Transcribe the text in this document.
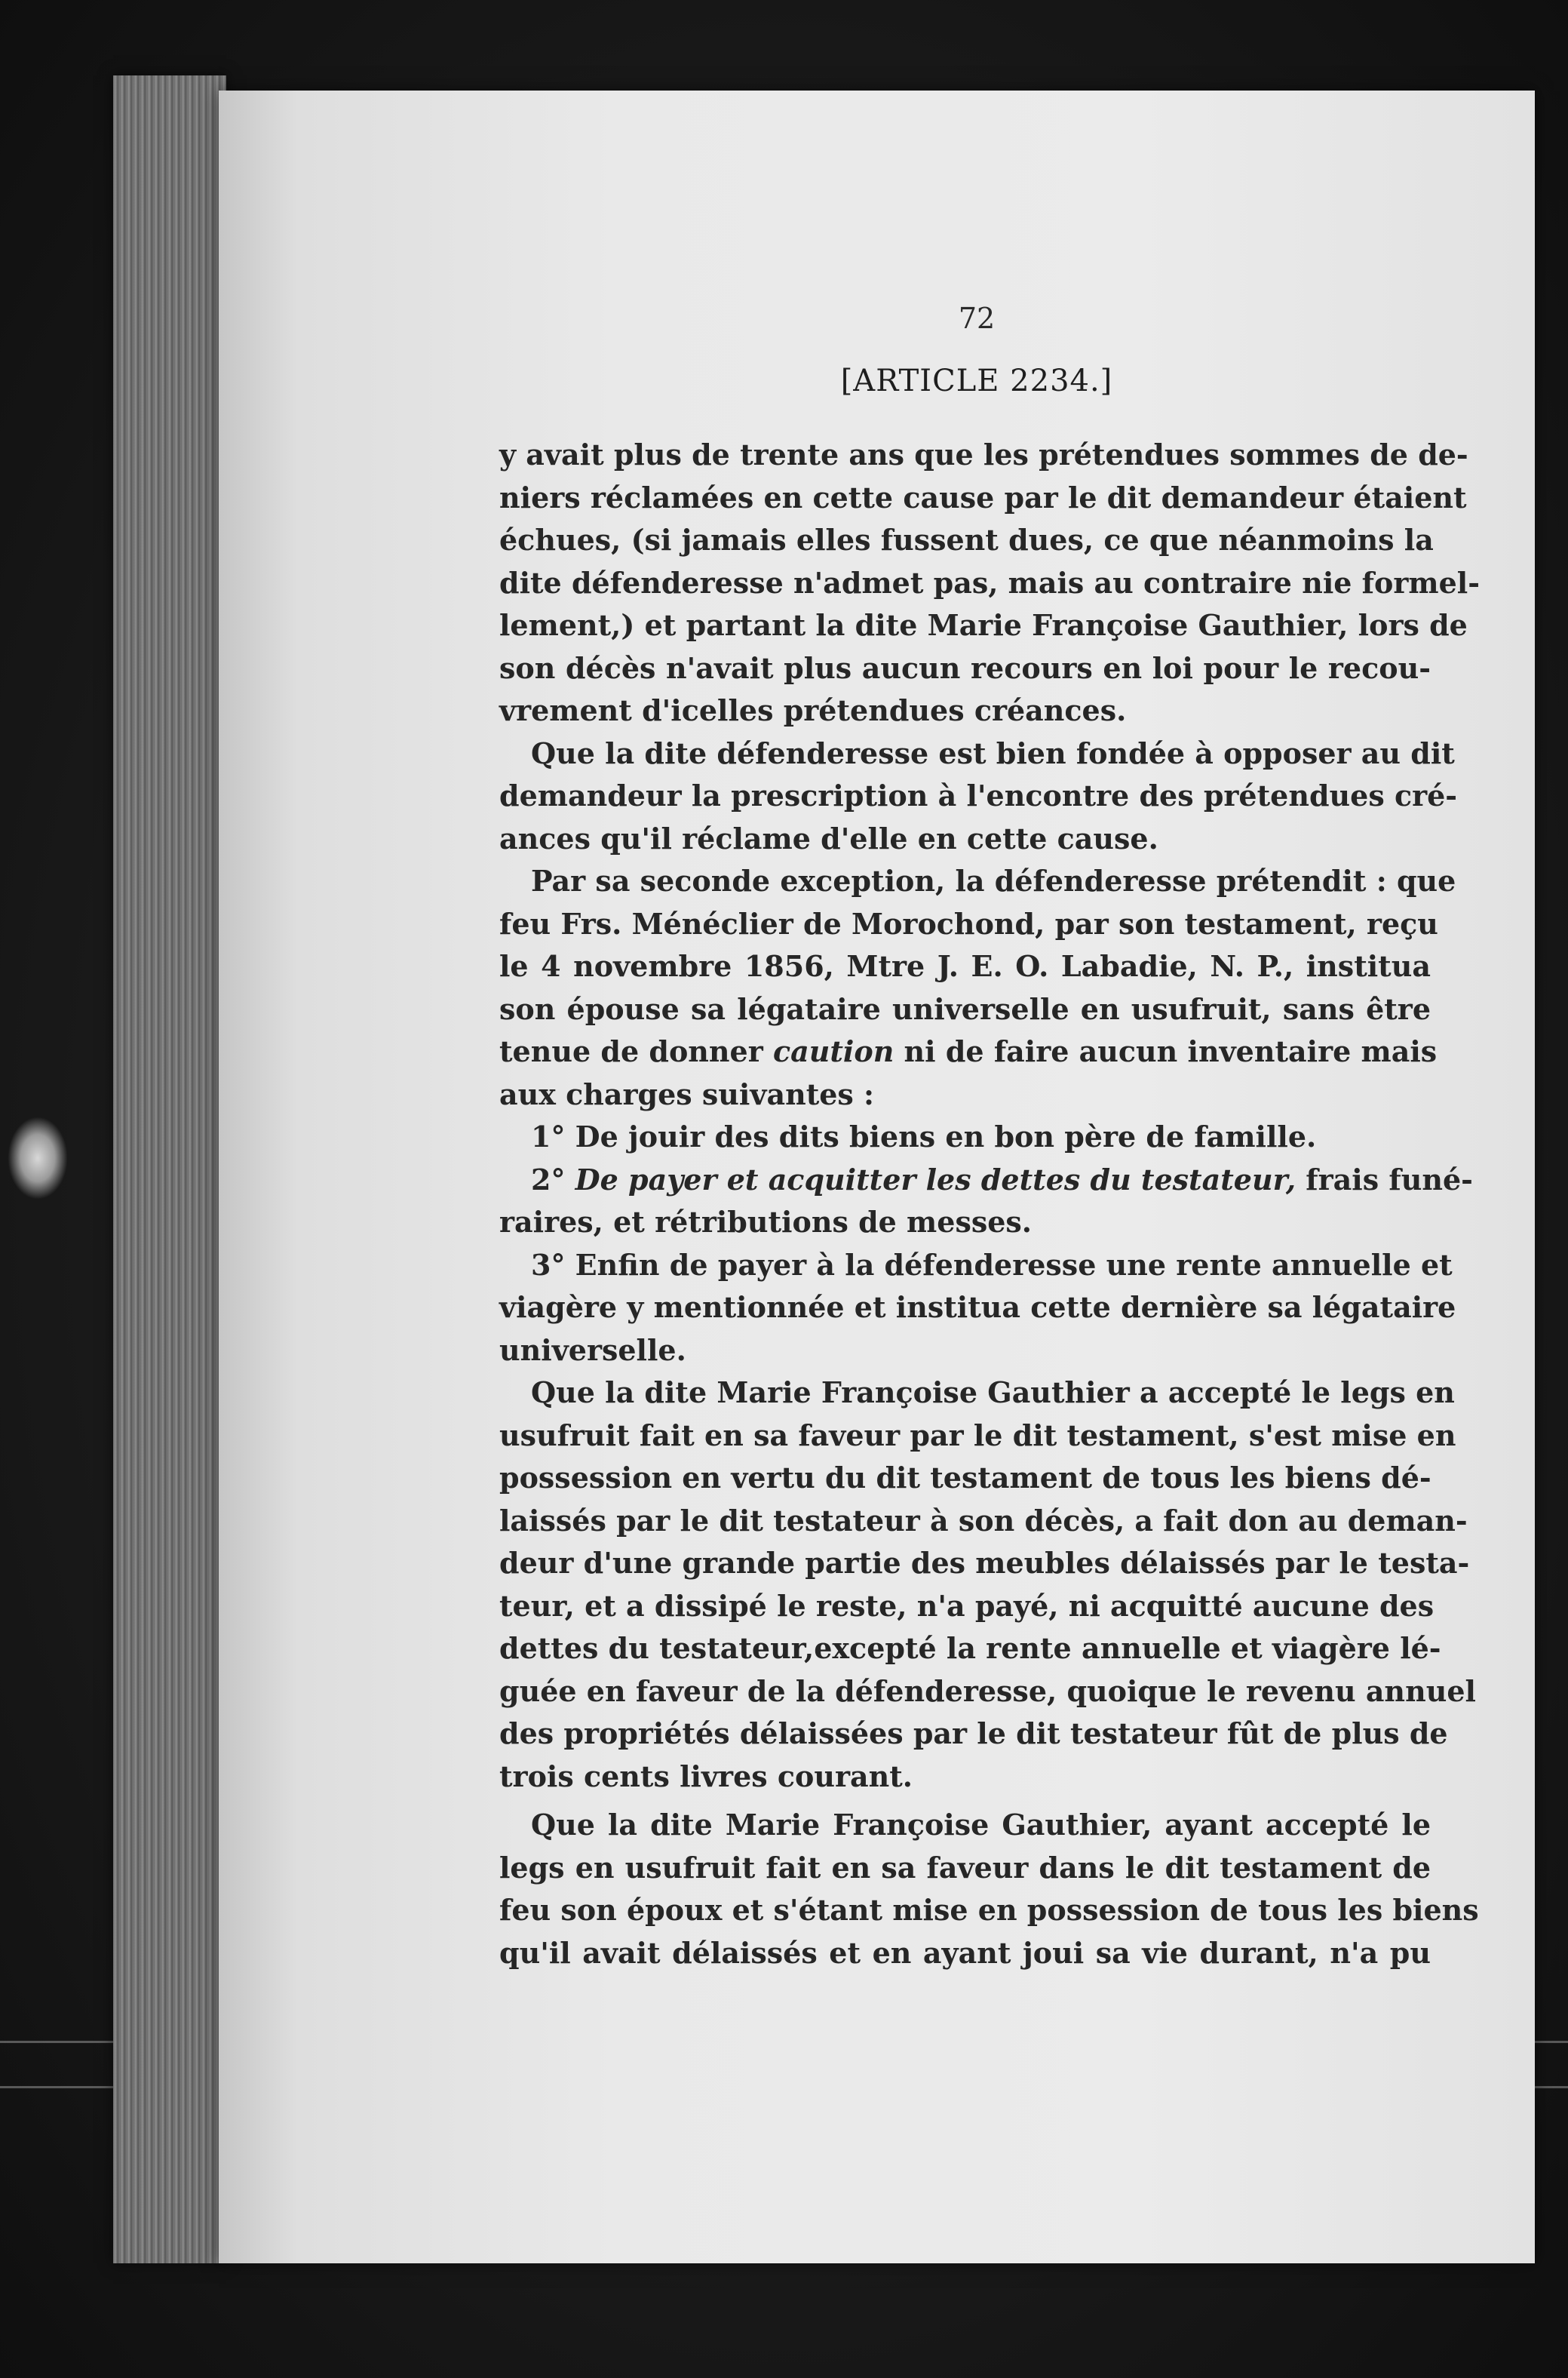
72
[ARTICLE 2234.]
y avait plus de trente ans que les prétendues sommes de de-
niers réclamées en cette cause par le dit demandeur étaient
échues, (si jamais elles fussent dues, ce que néanmoins la
dite défenderesse n'admet pas, mais au contraire nie formel-
lement,) et partant la dite Marie Françoise Gauthier, lors de
son décès n'avait plus aucun recours en loi pour le recou-
vrement d'icelles prétendues créances.
Que la dite défenderesse est bien fondée à opposer au dit
demandeur la prescription à l'encontre des prétendues cré-
ances qu'il réclame d'elle en cette cause.
Par sa seconde exception, la défenderesse prétendit : que
feu Frs. Ménéclier de Morochond, par son testament, reçu
le 4 novembre 1856, Mtre J. E. O. Labadie, N. P., institua
son épouse sa légataire universelle en usufruit, sans être
tenue de donner caution ni de faire aucun inventaire mais
aux charges suivantes :
1° De jouir des dits biens en bon père de famille.
2° De payer et acquitter les dettes du testateur, frais funé-
raires, et rétributions de messes.
3° Enfin de payer à la défenderesse une rente annuelle et
viagère y mentionnée et institua cette dernière sa légataire
universelle.
Que la dite Marie Françoise Gauthier a accepté le legs en
usufruit fait en sa faveur par le dit testament, s'est mise en
possession en vertu du dit testament de tous les biens dé-
laissés par le dit testateur à son décès, a fait don au deman-
deur d'une grande partie des meubles délaissés par le testa-
teur, et a dissipé le reste, n'a payé, ni acquitté aucune des
dettes du testateur,excepté la rente annuelle et viagère lé-
guée en faveur de la défenderesse, quoique le revenu annuel
des propriétés délaissées par le dit testateur fût de plus de
trois cents livres courant.
Que la dite Marie Françoise Gauthier, ayant accepté le
legs en usufruit fait en sa faveur dans le dit testament de
feu son époux et s'étant mise en possession de tous les biens
qu'il avait délaissés et en ayant joui sa vie durant, n'a pu
